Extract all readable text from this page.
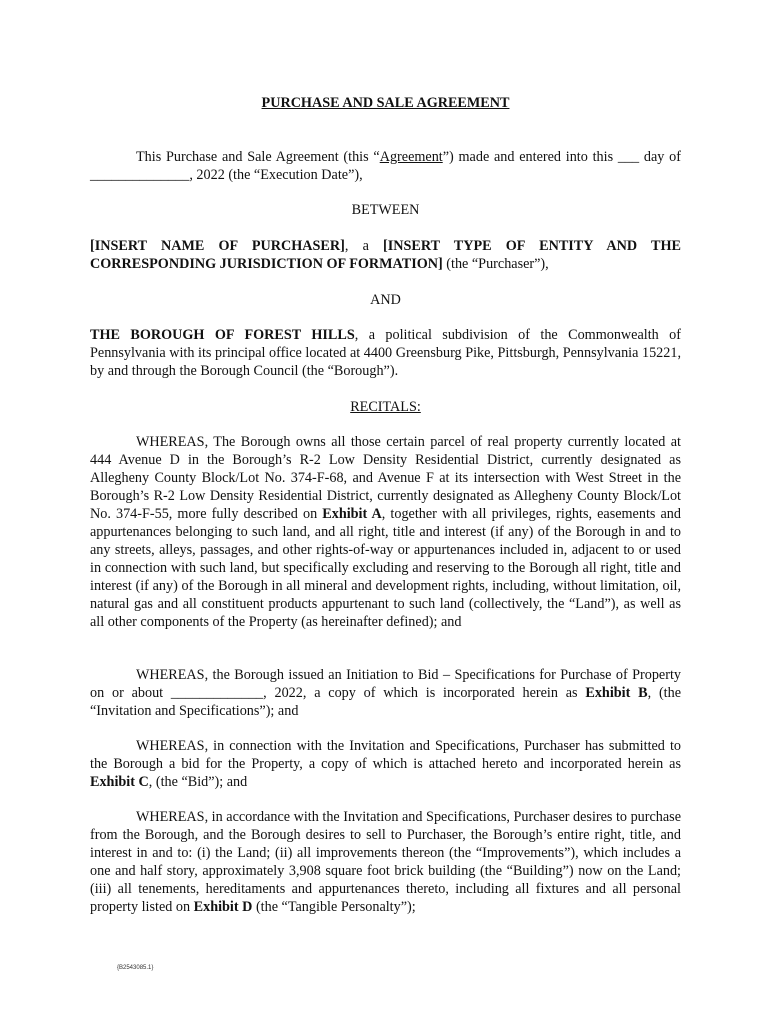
PURCHASE AND SALE AGREEMENT

This Purchase and Sale Agreement (this “Agreement”) made and entered into this ___ day of ______________, 2022 (the “Execution Date”),

BETWEEN

[INSERT NAME OF PURCHASER], a [INSERT TYPE OF ENTITY AND THE CORRESPONDING JURISDICTION OF FORMATION] (the “Purchaser”),

AND

THE BOROUGH OF FOREST HILLS, a political subdivision of the Commonwealth of Pennsylvania with its principal office located at 4400 Greensburg Pike, Pittsburgh, Pennsylvania 15221, by and through the Borough Council (the “Borough”).

RECITALS:

WHEREAS, The Borough owns all those certain parcel of real property currently located at 444 Avenue D in the Borough’s R-2 Low Density Residential District, currently designated as Allegheny County Block/Lot No. 374-F-68, and Avenue F at its intersection with West Street in the Borough’s R-2 Low Density Residential District, currently designated as Allegheny County Block/Lot No. 374-F-55, more fully described on Exhibit A, together with all privileges, rights, easements and appurtenances belonging to such land, and all right, title and interest (if any) of the Borough in and to any streets, alleys, passages, and other rights-of-way or appurtenances included in, adjacent to or used in connection with such land, but specifically excluding and reserving to the Borough all right, title and interest (if any) of the Borough in all mineral and development rights, including, without limitation, oil, natural gas and all constituent products appurtenant to such land (collectively, the “Land”), as well as all other components of the Property (as hereinafter defined); and

WHEREAS, the Borough issued an Initiation to Bid – Specifications for Purchase of Property on or about _____________, 2022, a copy of which is incorporated herein as Exhibit B, (the “Invitation and Specifications”); and

WHEREAS, in connection with the Invitation and Specifications, Purchaser has submitted to the Borough a bid for the Property, a copy of which is attached hereto and incorporated herein as Exhibit C, (the “Bid”); and

WHEREAS, in accordance with the Invitation and Specifications, Purchaser desires to purchase from the Borough, and the Borough desires to sell to Purchaser, the Borough’s entire right, title, and interest in and to: (i) the Land; (ii) all improvements thereon (the “Improvements”), which includes a one and half story, approximately 3,908 square foot brick building (the “Building”) now on the Land; (iii) all tenements, hereditaments and appurtenances thereto, including all fixtures and all personal property listed on Exhibit D (the “Tangible Personalty”);

{B2543085.1}
